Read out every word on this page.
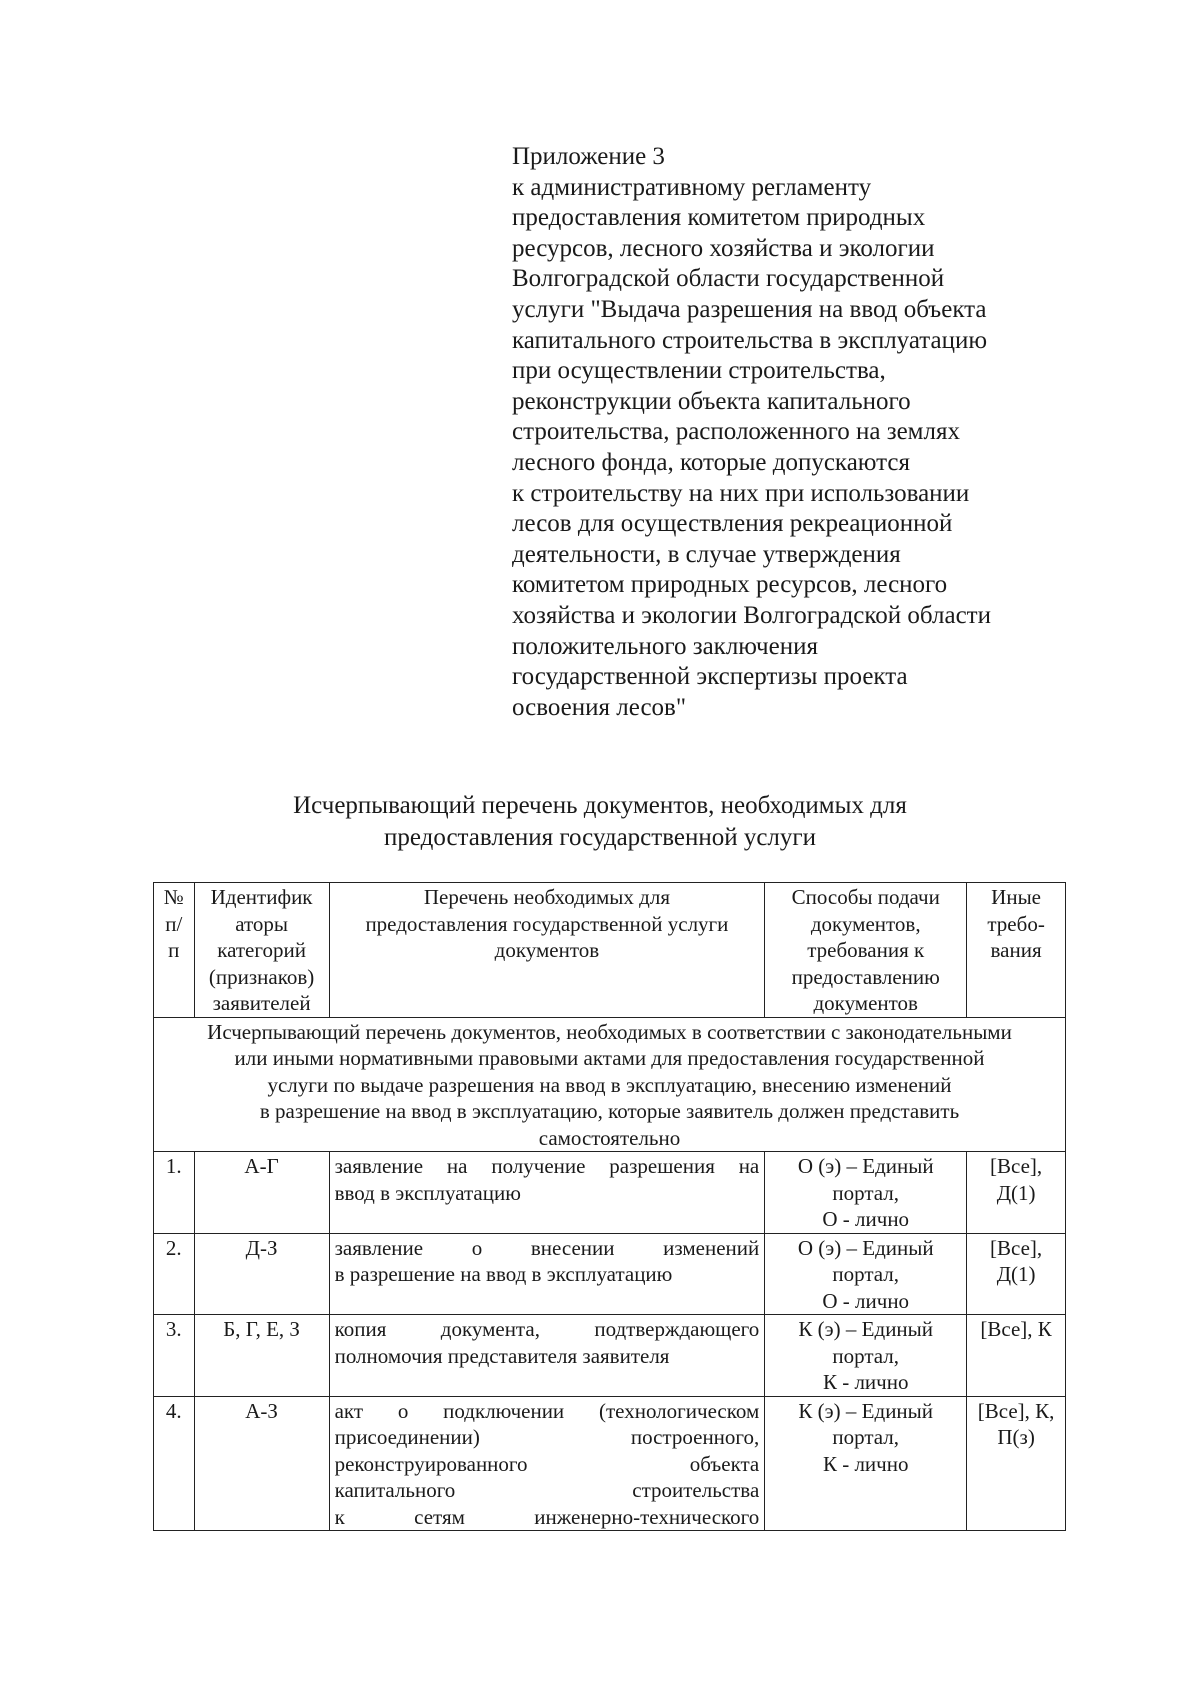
Приложение 3
к административному регламенту
предоставления комитетом природных
ресурсов, лесного хозяйства и экологии
Волгоградской области государственной
услуги "Выдача разрешения на ввод объекта
капитального строительства в эксплуатацию
при осуществлении строительства,
реконструкции объекта капитального
строительства, расположенного на землях
лесного фонда, которые допускаются
к строительству на них при использовании
лесов для осуществления рекреационной
деятельности, в случае утверждения
комитетом природных ресурсов, лесного
хозяйства и экологии Волгоградской области
положительного заключения
государственной экспертизы проекта
освоения лесов"
Исчерпывающий перечень документов, необходимых для
предоставления государственной услуги
№
п/
п	Идентифик
аторы
категорий
(признаков)
заявителей	Перечень необходимых для
предоставления государственной услуги
документов	Способы подачи
документов,
требования к
предоставлению
документов	Иные
требо-
вания

Исчерпывающий перечень документов, необходимых в соответствии с законодательными
или иными нормативными правовыми актами для предоставления государственной
услуги по выдаче разрешения на ввод в эксплуатацию, внесению изменений
в разрешение на ввод в эксплуатацию, которые заявитель должен представить
самостоятельно				

1.	А-Г	заявление на получение разрешения на
ввод в эксплуатацию	О (э) – Единый
портал,
О - лично	[Все],
Д(1)

2.	Д-З	заявление о внесении изменений
в разрешение на ввод в эксплуатацию	О (э) – Единый
портал,
О - лично	[Все],
Д(1)

3.	Б, Г, Е, З	копия документа, подтверждающего
полномочия представителя заявителя	К (э) – Единый
портал,
К - лично	[Все], К

4.	А-З	акт о подключении (технологическом
присоединении) построенного,
реконструированного объекта
капитального строительства
к сетям инженерно-технического	К (э) – Единый
портал,
К - лично	[Все], К,
П(з)
